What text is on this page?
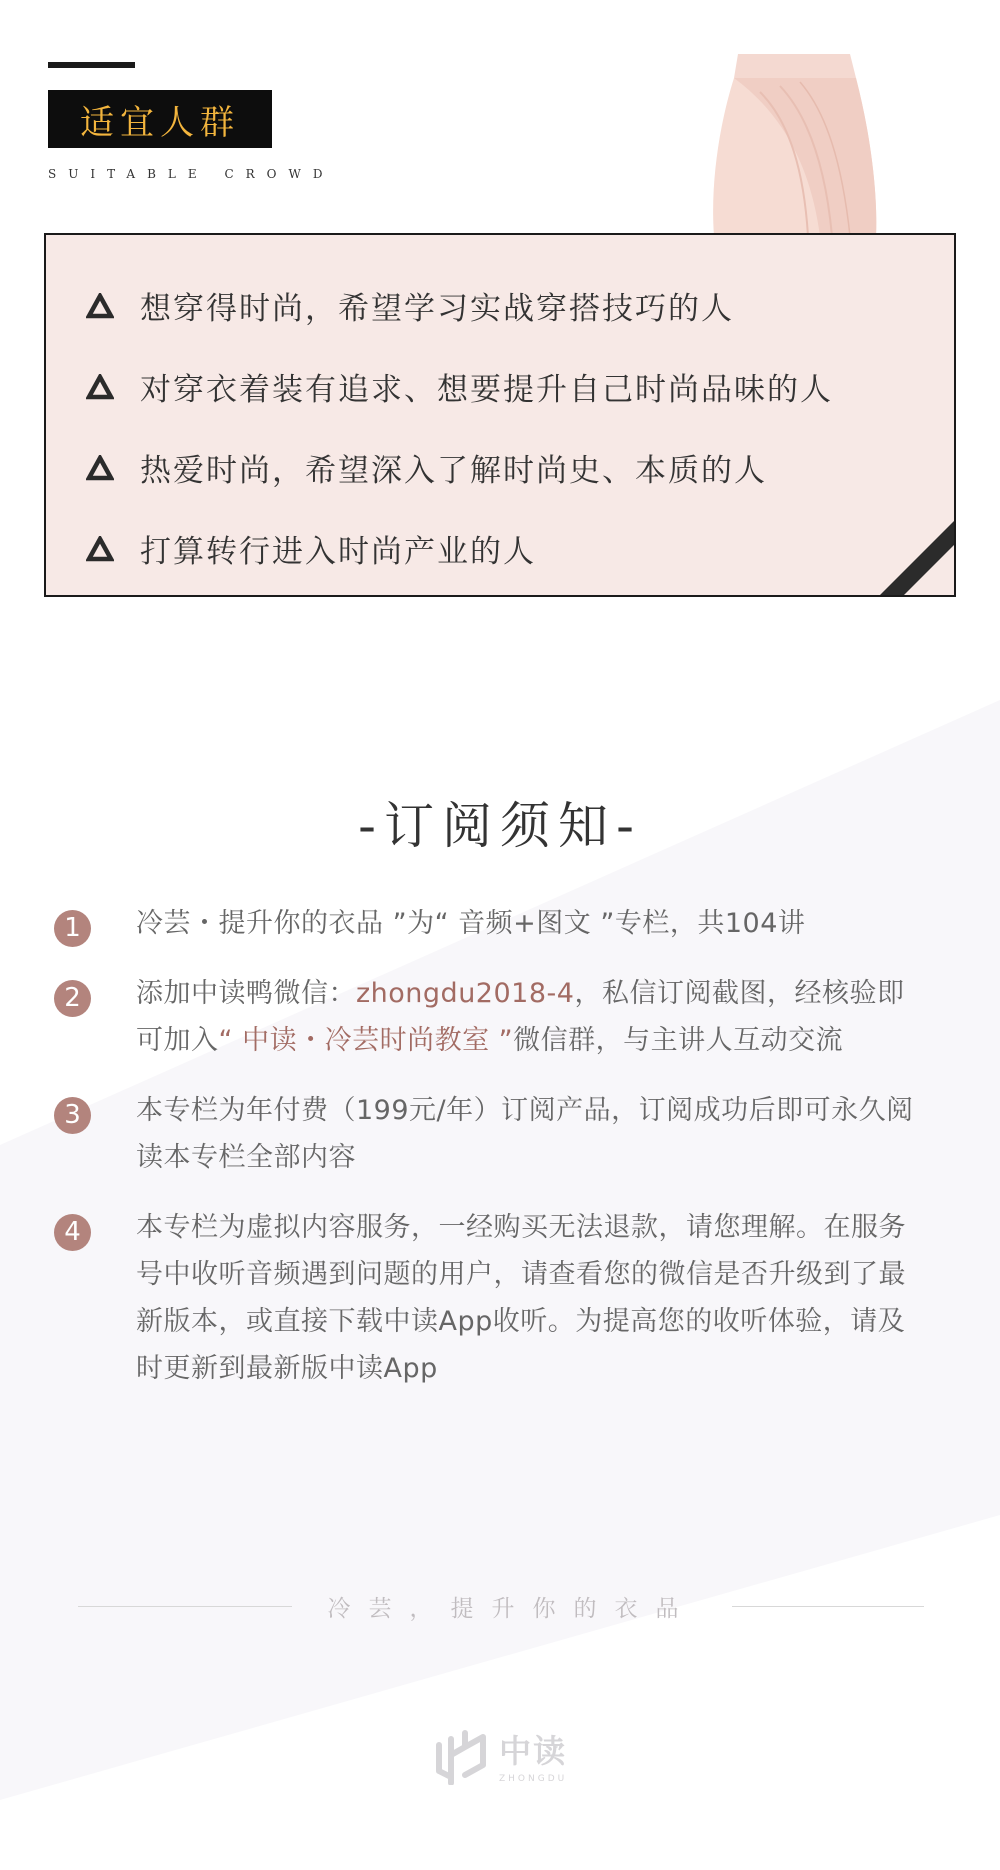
适宜人群
SUITABLE CROWD
想穿得时尚，希望学习实战穿搭技巧的人
对穿衣着装有追求、想要提升自己时尚品味的人
热爱时尚，希望深入了解时尚史、本质的人
打算转行进入时尚产业的人
-订阅须知-
1	冷芸・提升你的衣品 ”为“ 音频+图文 ”专栏，共104讲
2	添加中读鸭微信：zhongdu2018-4，私信订阅截图，经核验即可加入“ 中读・冷芸时尚教室 ”微信群，与主讲人互动交流
3	本专栏为年付费（199元/年）订阅产品，订阅成功后即可永久阅读本专栏全部内容
4	本专栏为虚拟内容服务，一经购买无法退款，请您理解。在服务号中收听音频遇到问题的用户，请查看您的微信是否升级到了最新版本，或直接下载中读App收听。为提高您的收听体验，请及时更新到最新版中读App
冷芸，提升你的衣品
中读
ZHONGDU
